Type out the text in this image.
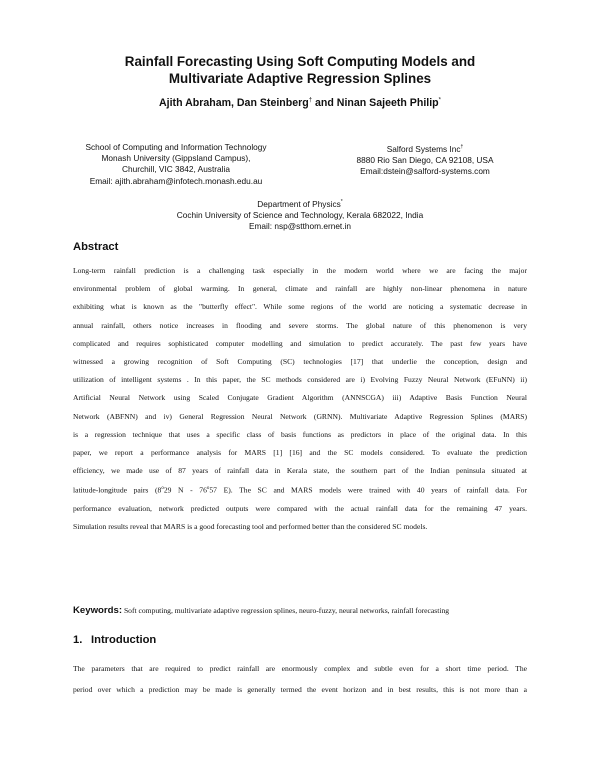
Rainfall Forecasting Using Soft Computing Models and
Multivariate Adaptive Regression Splines
Ajith Abraham, Dan Steinberg† and Ninan Sajeeth Philip*
School of Computing and Information Technology
Monash University (Gippsland Campus),
Churchill, VIC 3842, Australia
Email: ajith.abraham@infotech.monash.edu.au
Salford Systems Inc†
8880 Rio San Diego, CA 92108, USA
Email:dstein@salford-systems.com
Department of Physics*
Cochin University of Science and Technology, Kerala 682022, India
Email: nsp@stthom.ernet.in
Abstract
Long-term rainfall prediction is a challenging task especially in the modern world where we are facing the major
environmental problem of global warming. In general, climate and rainfall are highly non-linear phenomena in nature
exhibiting what is known as the "butterfly effect". While some regions of the world are noticing a systematic decrease in
annual rainfall, others notice increases in flooding and severe storms. The global nature of this phenomenon is very
complicated and requires sophisticated computer modelling and simulation to predict accurately. The past few years have
witnessed a growing recognition of Soft Computing (SC) technologies [17] that underlie the conception, design and
utilization of intelligent systems . In this paper, the SC methods considered are i) Evolving Fuzzy Neural Network (EFuNN) ii)
Artificial Neural Network using Scaled Conjugate Gradient Algorithm (ANNSCGA) iii) Adaptive Basis Function Neural
Network (ABFNN) and iv) General Regression Neural Network (GRNN). Multivariate Adaptive Regression Splines (MARS)
is a regression technique that uses a specific class of basis functions as predictors in place of the original data. In this
paper, we report a performance analysis for MARS [1] [16] and the SC models considered. To evaluate the prediction
efficiency, we made use of 87 years of rainfall data in Kerala state, the southern part of the Indian peninsula situated at
latitude-longitude pairs (8$^o$29 N - 76$^o$57 E). The SC and MARS models were trained with 40 years of rainfall data. For
performance evaluation, network predicted outputs were compared with the actual rainfall data for the remaining 47 years.
Simulation results reveal that MARS is a good forecasting tool and performed better than the considered SC models.
Keywords: Soft computing, multivariate adaptive regression splines, neuro-fuzzy, neural networks, rainfall forecasting
1. Introduction
The parameters that are required to predict rainfall are enormously complex and subtle even for a short time period. The
period over which a prediction may be made is generally termed the event horizon and in best results, this is not more than a
